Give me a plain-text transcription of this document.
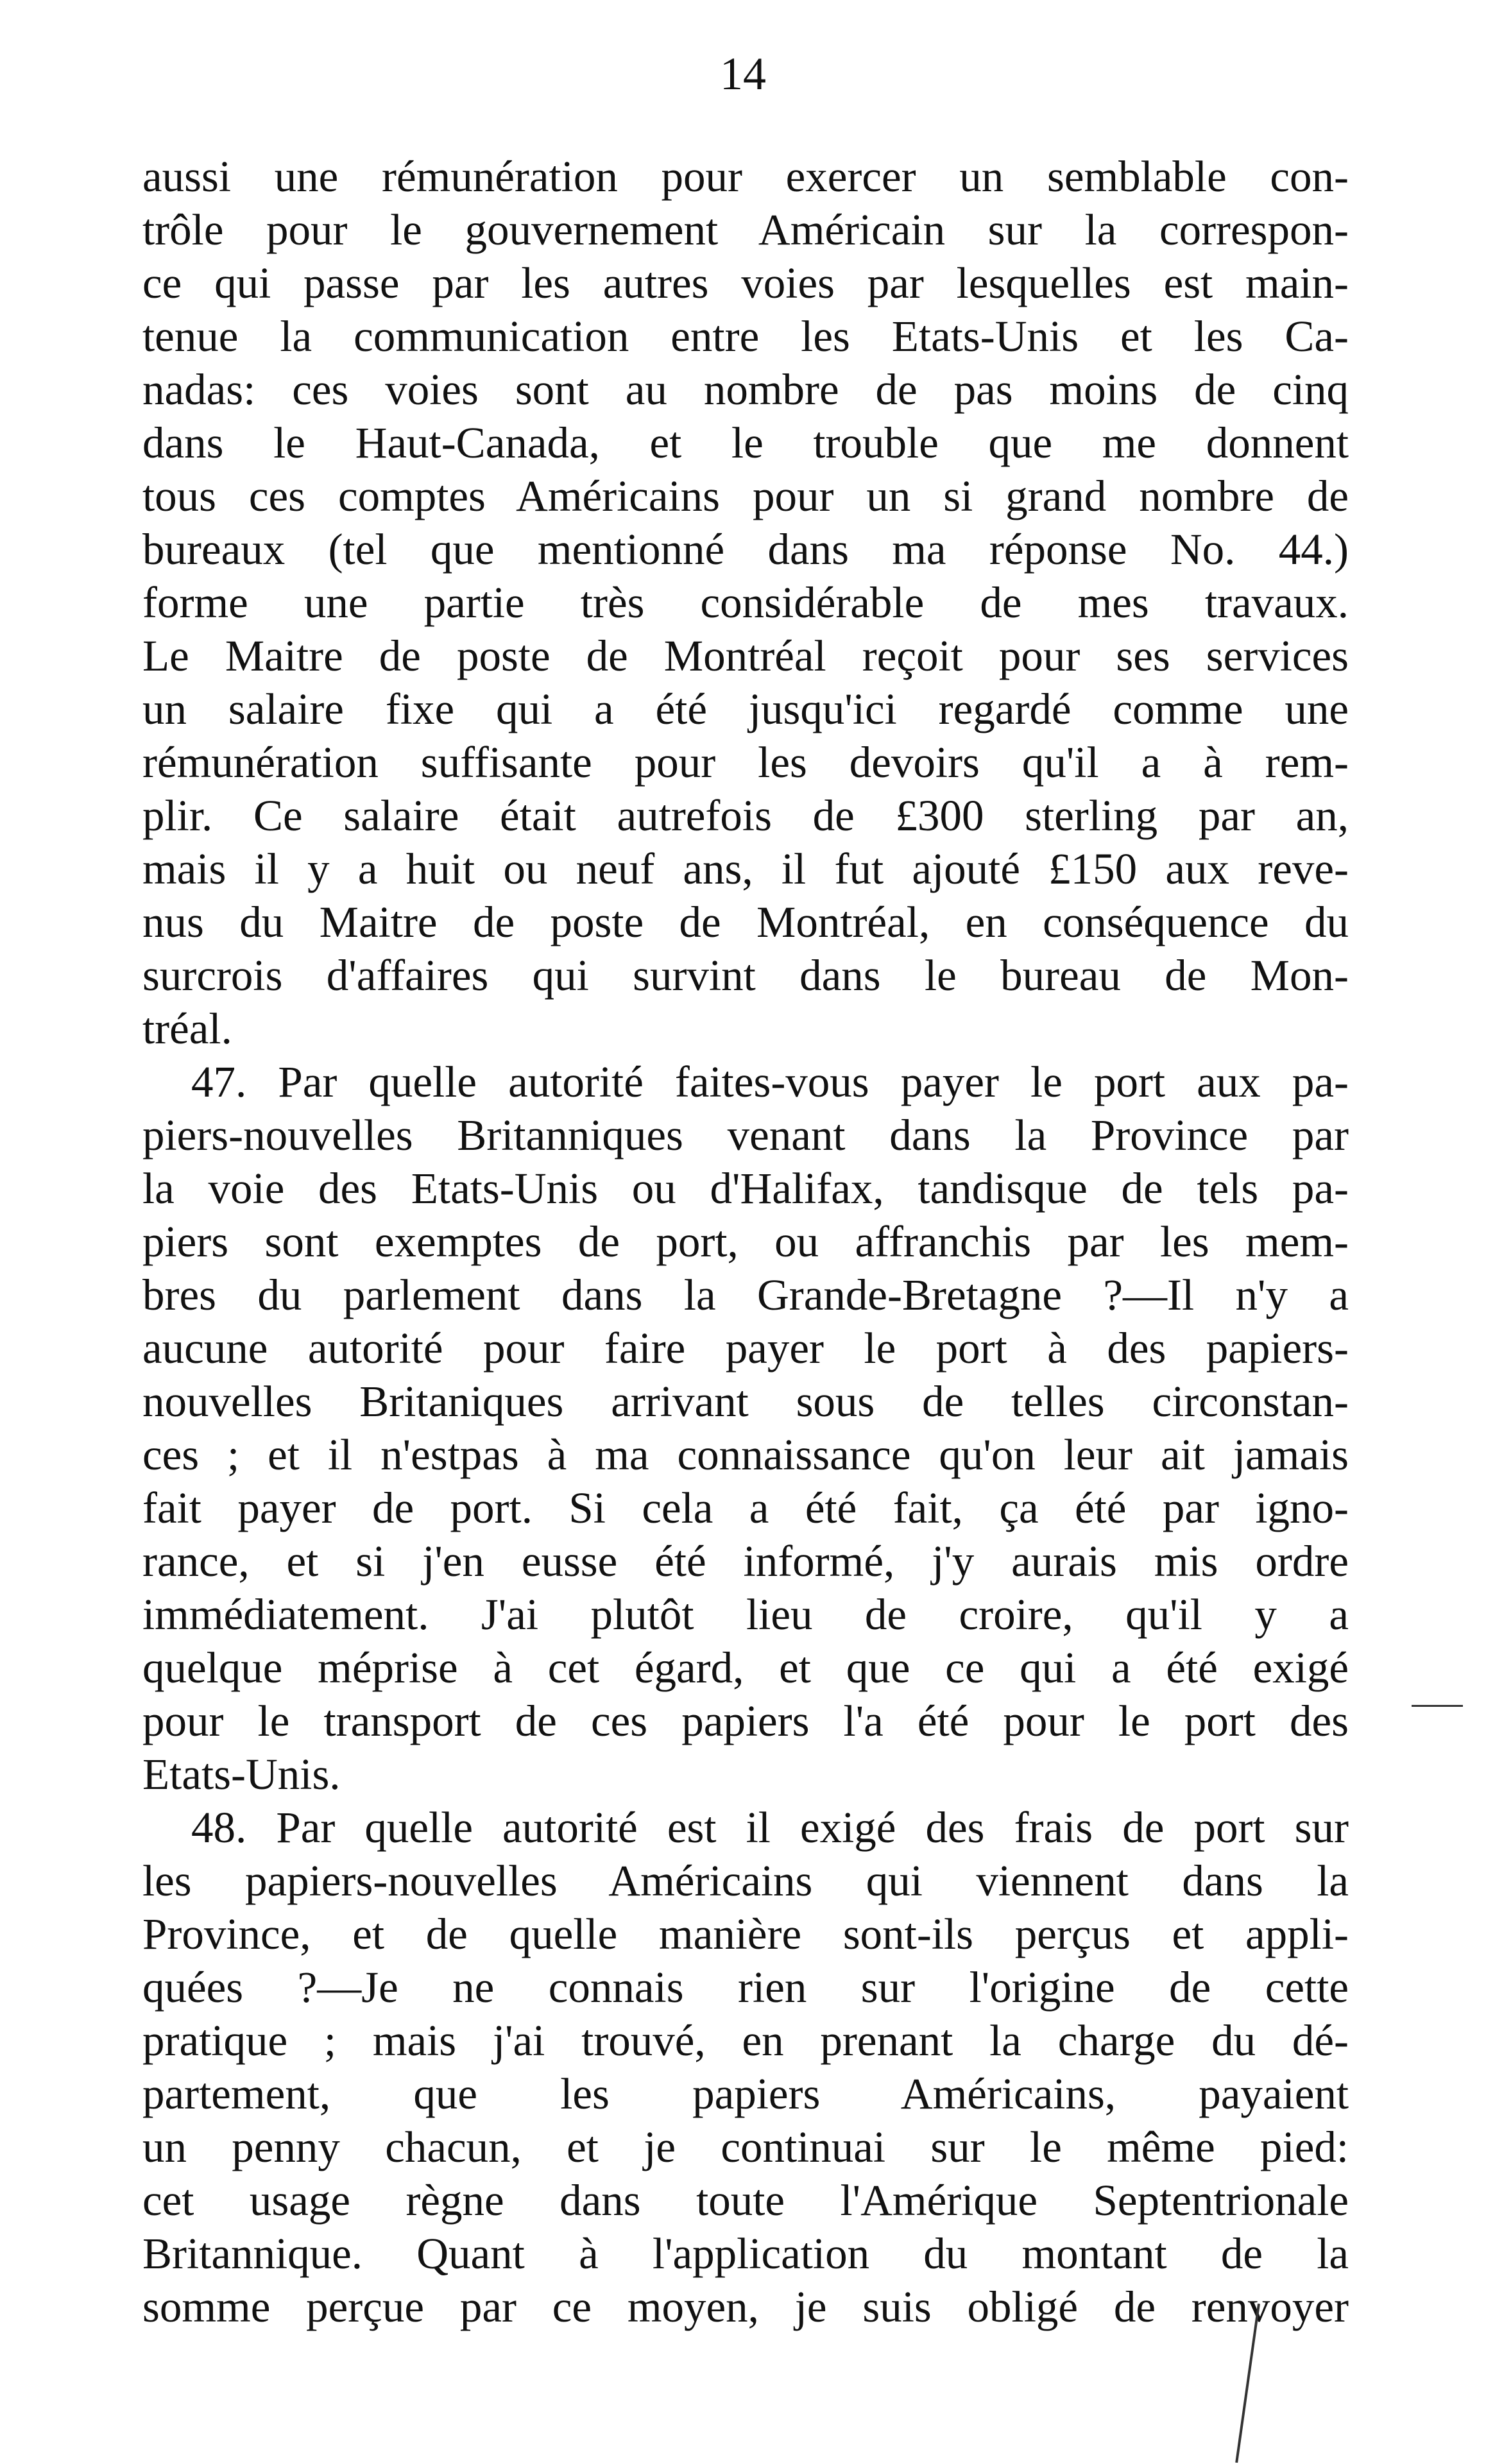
14
aussi une rémunération pour exercer un semblable con-
trôle pour le gouvernement Américain sur la correspon-
ce qui passe par les autres voies par lesquelles est main-
tenue la communication entre les Etats-Unis et les Ca-
nadas: ces voies sont au nombre de pas moins de cinq
dans le Haut-Canada, et le trouble que me donnent
tous ces comptes Américains pour un si grand nombre de
bureaux (tel que mentionné dans ma réponse No. 44.)
forme une partie très considérable de mes travaux.
Le Maitre de poste de Montréal reçoit pour ses services
un salaire fixe qui a été jusqu'ici regardé comme une
rémunération suffisante pour les devoirs qu'il a à rem-
plir. Ce salaire était autrefois de £300 sterling par an,
mais il y a huit ou neuf ans, il fut ajouté £150 aux reve-
nus du Maitre de poste de Montréal, en conséquence du
surcrois d'affaires qui survint dans le bureau de Mon-
tréal.
47. Par quelle autorité faites-vous payer le port aux pa-
piers-nouvelles Britanniques venant dans la Province par
la voie des Etats-Unis ou d'Halifax, tandisque de tels pa-
piers sont exemptes de port, ou affranchis par les mem-
bres du parlement dans la Grande-Bretagne ?—Il n'y a
aucune autorité pour faire payer le port à des papiers-
nouvelles Britaniques arrivant sous de telles circonstan-
ces ; et il n'estpas à ma connaissance qu'on leur ait jamais
fait payer de port. Si cela a été fait, ça été par igno-
rance, et si j'en eusse été informé, j'y aurais mis ordre
immédiatement. J'ai plutôt lieu de croire, qu'il y a
quelque méprise à cet égard, et que ce qui a été exigé
pour le transport de ces papiers l'a été pour le port des
Etats-Unis.
48. Par quelle autorité est il exigé des frais de port sur
les papiers-nouvelles Américains qui viennent dans la
Province, et de quelle manière sont-ils perçus et appli-
quées ?—Je ne connais rien sur l'origine de cette
pratique ; mais j'ai trouvé, en prenant la charge du dé-
partement, que les papiers Américains, payaient
un penny chacun, et je continuai sur le même pied:
cet usage règne dans toute l'Amérique Septentrionale
Britannique. Quant à l'application du montant de la
somme perçue par ce moyen, je suis obligé de renvoyer
